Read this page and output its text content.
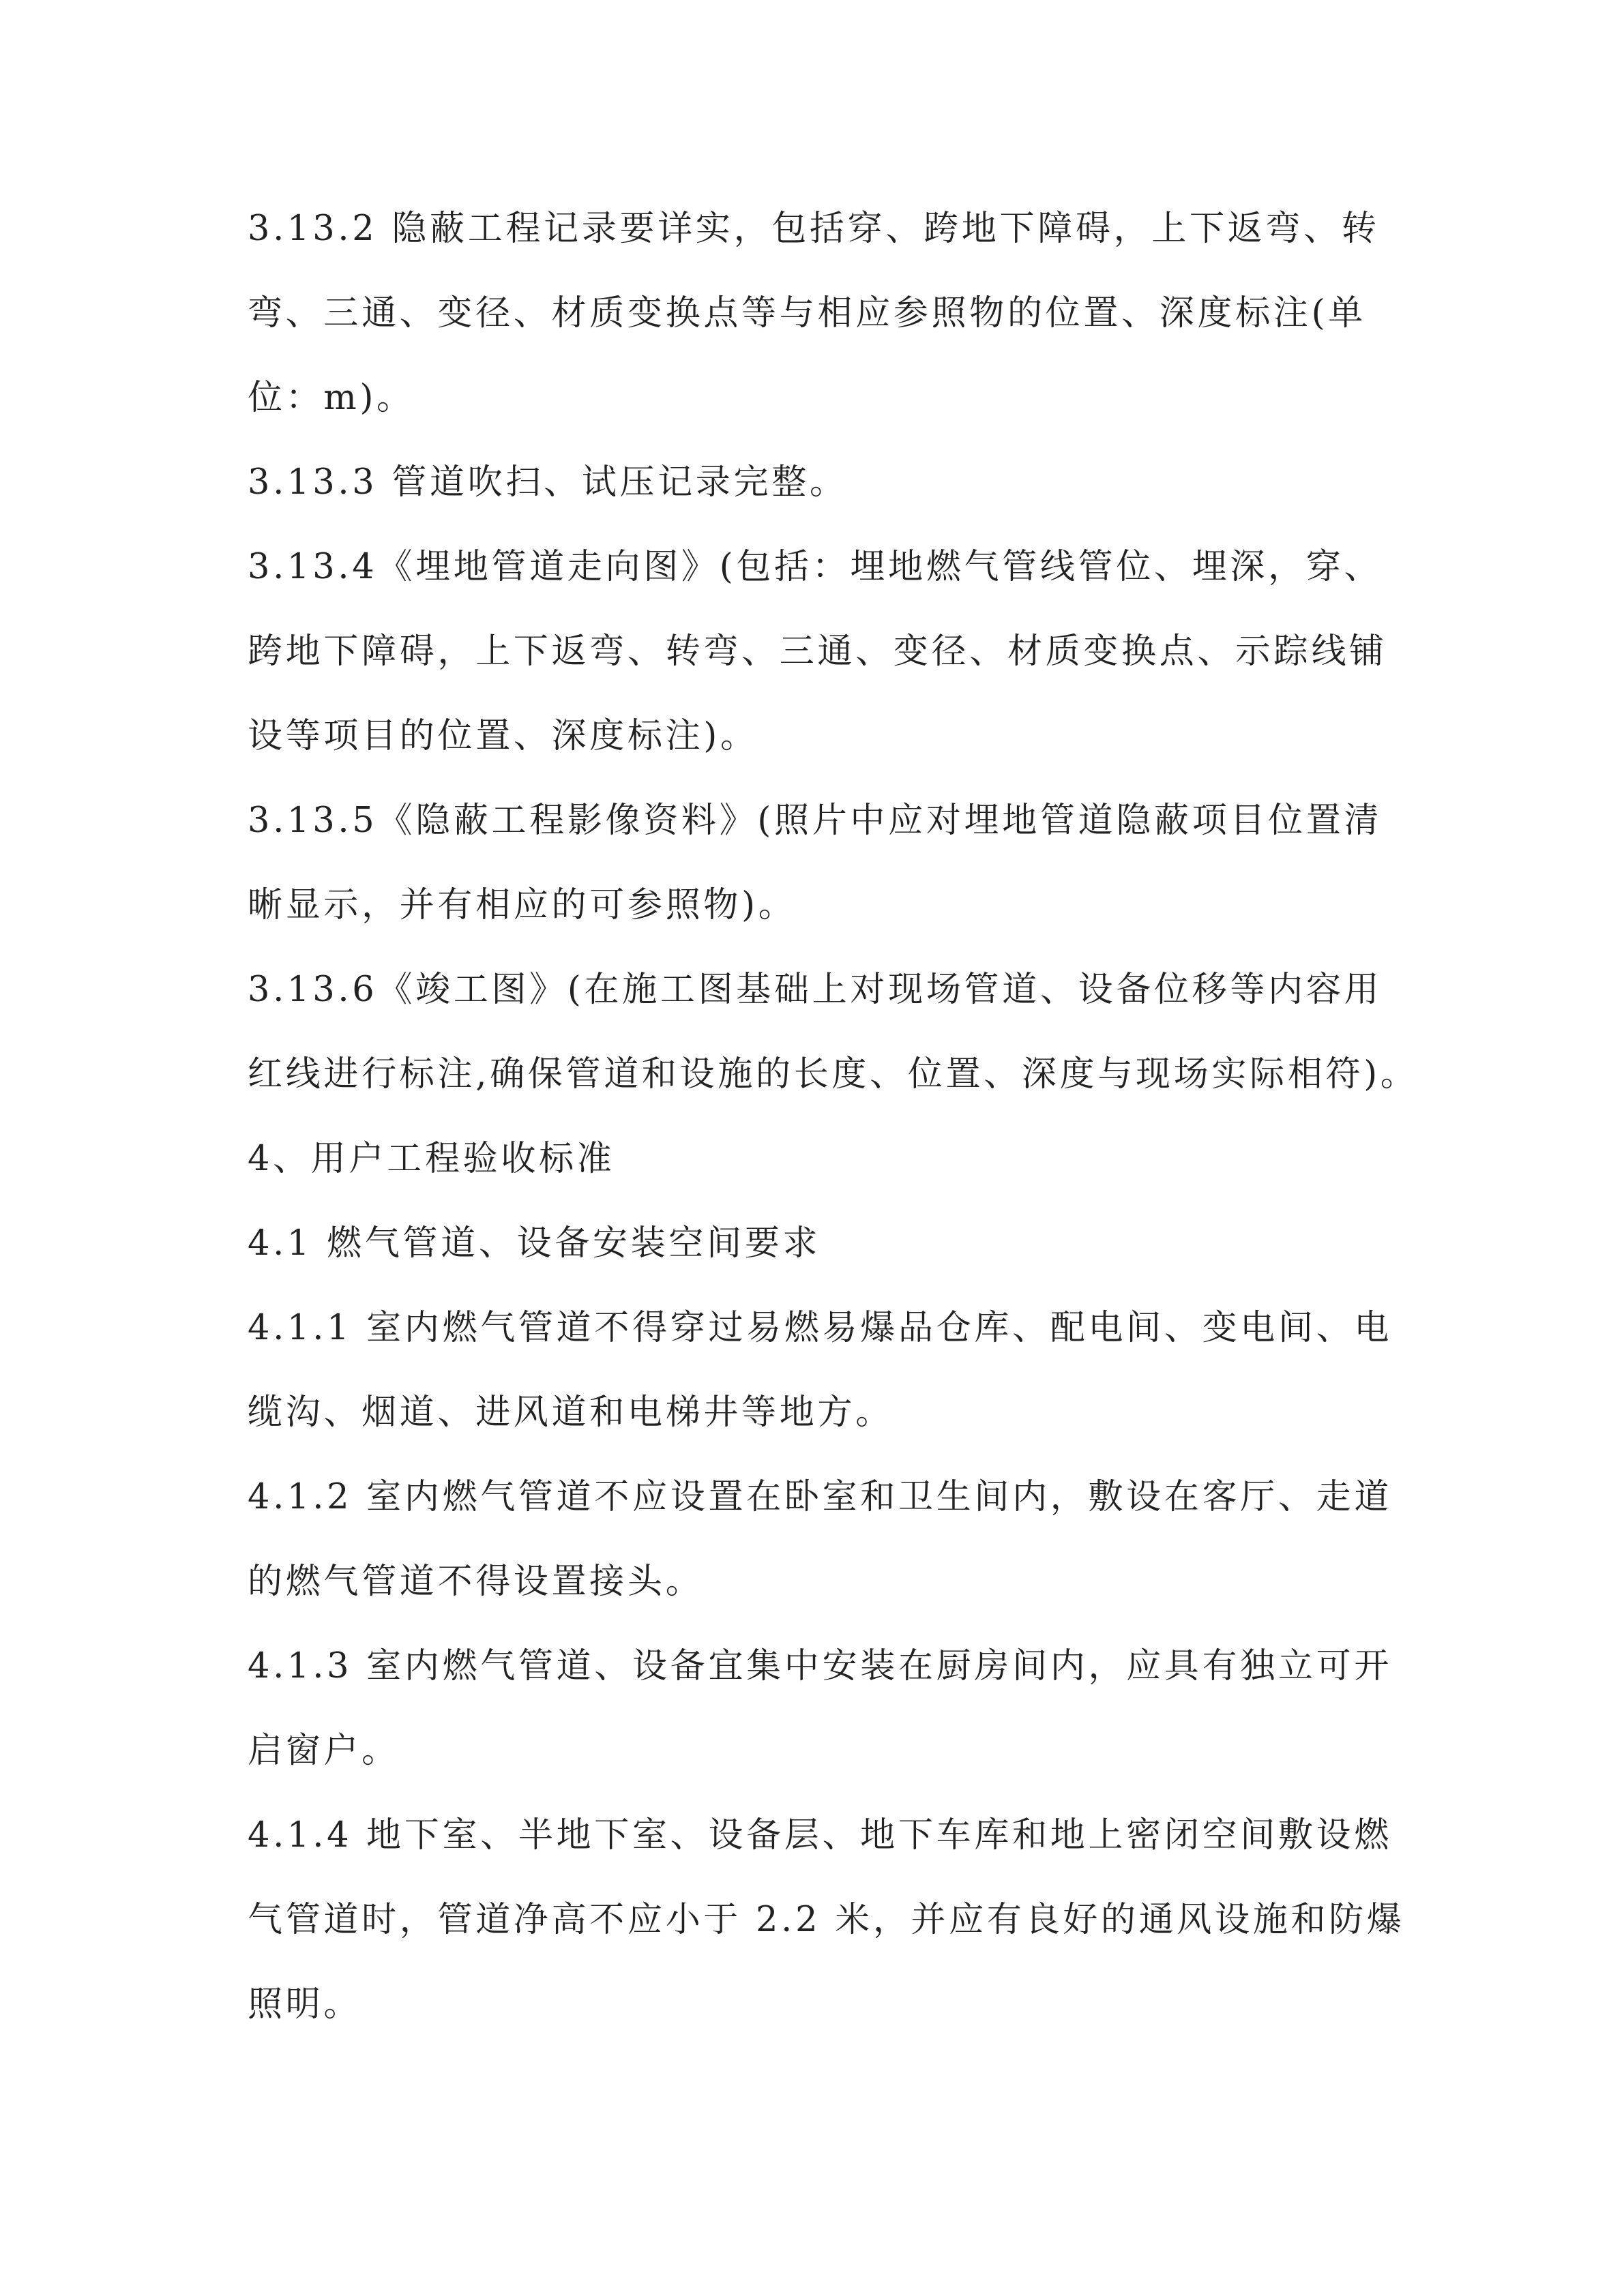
3.13.2 隐蔽工程记录要详实，包括穿、跨地下障碍，上下返弯、转
弯、三通、变径、材质变换点等与相应参照物的位置、深度标注(单
位：m)。
3.13.3 管道吹扫、试压记录完整。
3.13.4《埋地管道走向图》(包括：埋地燃气管线管位、埋深，穿、
跨地下障碍，上下返弯、转弯、三通、变径、材质变换点、示踪线铺
设等项目的位置、深度标注)。
3.13.5《隐蔽工程影像资料》(照片中应对埋地管道隐蔽项目位置清
晰显示，并有相应的可参照物)。
3.13.6《竣工图》(在施工图基础上对现场管道、设备位移等内容用
红线进行标注,确保管道和设施的长度、位置、深度与现场实际相符)。
4、用户工程验收标准
4.1 燃气管道、设备安装空间要求
4.1.1 室内燃气管道不得穿过易燃易爆品仓库、配电间、变电间、电
缆沟、烟道、进风道和电梯井等地方。
4.1.2 室内燃气管道不应设置在卧室和卫生间内，敷设在客厅、走道
的燃气管道不得设置接头。
4.1.3 室内燃气管道、设备宜集中安装在厨房间内，应具有独立可开
启窗户。
4.1.4 地下室、半地下室、设备层、地下车库和地上密闭空间敷设燃
气管道时，管道净高不应小于 2.2 米，并应有良好的通风设施和防爆
照明。
